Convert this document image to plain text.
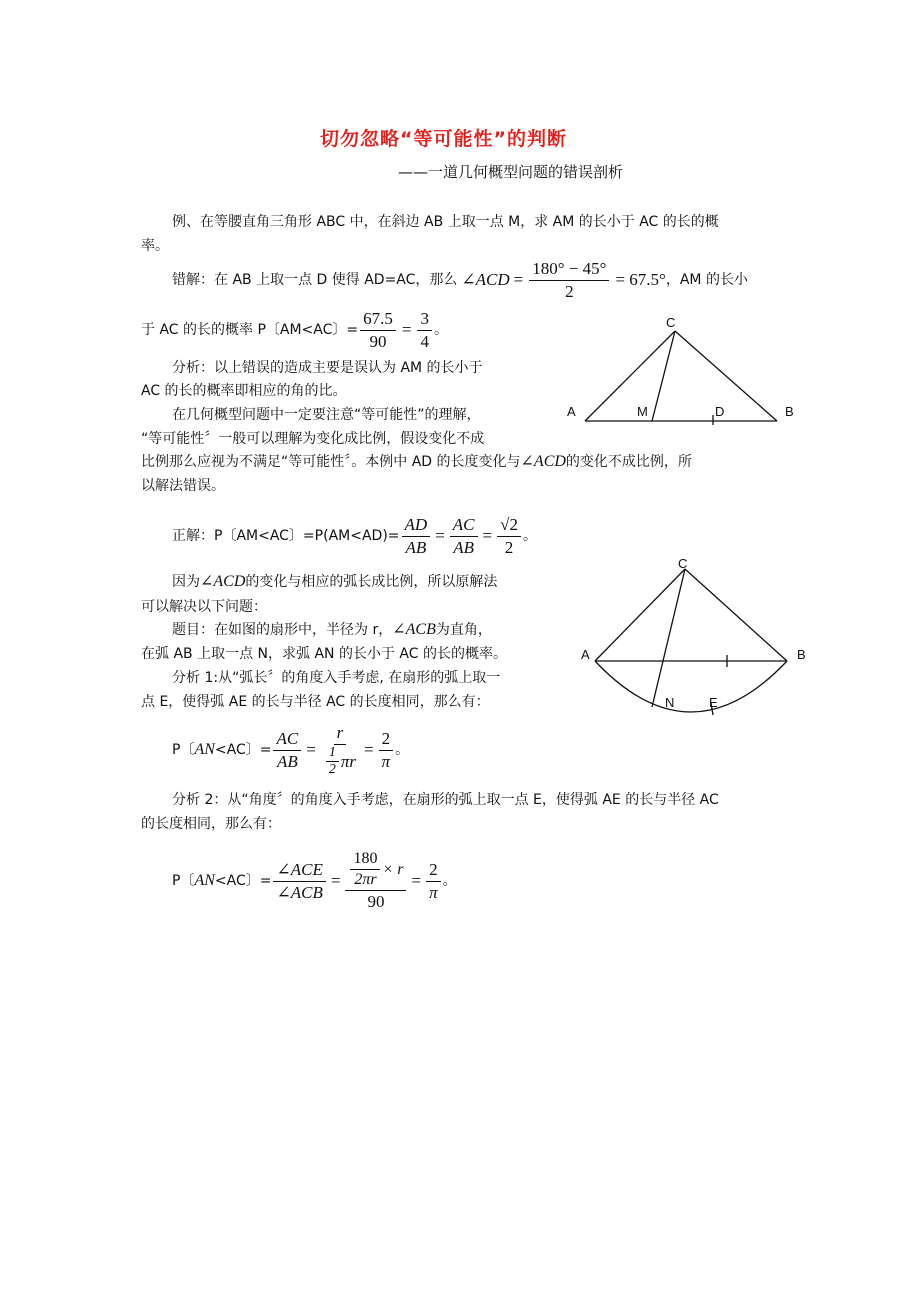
切勿忽略“等可能性”的判断
——一道几何概型问题的错误剖析
例、在等腰直角三角形 ABC 中，在斜边 AB 上取一点 M，求 AM 的长小于 AC 的长的概
率。
错解：在 AB 上取一点 D 使得 AD=AC，那么 ∠ACD = $\frac{180^\circ - 45^\circ}{2} = 67.5^\circ$ ，AM 的长小
于 AC 的长的概率 P〔AM<AC〕= $\frac{67.5}{90} = \frac{3}{4}$ 。
分析：以上错误的造成主要是误认为 AM 的长小于
AC 的长的概率即相应的角的比。
在几何概型问题中一定要注意“等可能性”的理解，
“等可能性〞一般可以理解为变化成比例，假设变化不成
比例那么应视为不满足“等可能性〞。本例中 AD 的长度变化与∠ACD的变化不成比例，所
以解法错误。
C
A	M	D	B
正解：P〔AM<AC〕$=P(AM<AD)= \frac{AD}{AB} = \frac{AC}{AB} = \frac{√2}{2}$ 。
因为∠ACD的变化与相应的弧长成比例，所以原解法
可以解决以下问题：
题目：在如图的扇形中，半径为 r，∠ACB为直角，
在弧 AB 上取一点 N，求弧 AN 的长小于 AC 的长的概率。
分析 1:从“弧长〞的角度入手考虑, 在扇形的弧上取一
点 E，使得弧 AE 的长与半径 AC 的长度相同，那么有：
P〔 AN <AC〕= $\frac{AC}{AB} = \frac{r}{\frac{1}{2} \pi r} = \frac{2}{\pi}$ 。
C
A	B
N	E
分析 2：从“角度〞的角度入手考虑，在扇形的弧上取一点 E，使得弧 AE 的长与半径 AC
的长度相同，那么有：
P〔 AN <AC〕= $\frac{\text{∠ACE}}{\text{∠ACB}} = \frac{\frac{180}{2\pi r} \times r}{90} = \frac{2}{\pi}$ 。
